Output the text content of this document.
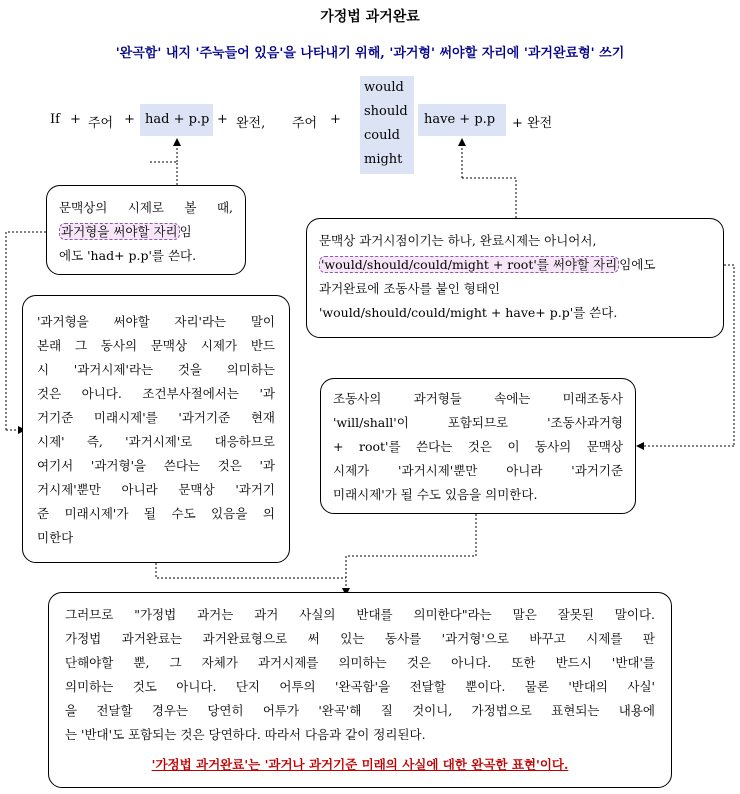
가정법 과거완료
'완곡함' 내지 '주눅들어 있음'을 나타내기 위해, '과거형' 써야할 자리에 '과거완료형' 쓰기
If + 주어 + had + p.p + 완전, 주어 +
would
should
could
might
have + p.p + 완전
문맥상의 시제로 볼 때,
과거형을 써야할 자리 임
에도 'had+ p.p'를 쓴다.
문맥상 과거시점이기는 하나, 완료시제는 아니어서,
'would/should/could/might + root'를 써야할 자리 임에도
과거완료에 조동사를 붙인 형태인
'would/should/could/might + have+ p.p'를 쓴다.
'과거형을 써야할 자리'라는 말이
본래 그 동사의 문맥상 시제가 반드
시 '과거시제'라는 것을 의미하는
것은 아니다. 조건부사절에서는 '과
거기준 미래시제'를 '과거기준 현재
시제' 즉, '과거시제'로 대응하므로
여기서 '과거형'을 쓴다는 것은 '과
거시제'뿐만 아니라 문맥상 '과거기
준 미래시제'가 될 수도 있음을 의
미한다
조동사의 과거형들 속에는 미래조동사
'will/shall'이 포함되므로 '조동사과거형
+ root'를 쓴다는 것은 이 동사의 문맥상
시제가 '과거시제'뿐만 아니라 '과거기준
미래시제'가 될 수도 있음을 의미한다.
그러므로 "가정법 과거는 과거 사실의 반대를 의미한다"라는 말은 잘못된 말이다.
가정법 과거완료는 과거완료형으로 써 있는 동사를 '과거형'으로 바꾸고 시제를 판
단해야할 뿐, 그 자체가 과거시제를 의미하는 것은 아니다. 또한 반드시 '반대'를
의미하는 것도 아니다. 단지 어투의 '완곡함'을 전달할 뿐이다. 물론 '반대의 사실'
을 전달할 경우는 당연히 어투가 '완곡'해 질 것이니, 가정법으로 표현되는 내용에
는 '반대'도 포함되는 것은 당연하다. 따라서 다음과 같이 정리된다.
'가정법 과거완료'는 '과거나 과거기준 미래의 사실에 대한 완곡한 표현'이다.
